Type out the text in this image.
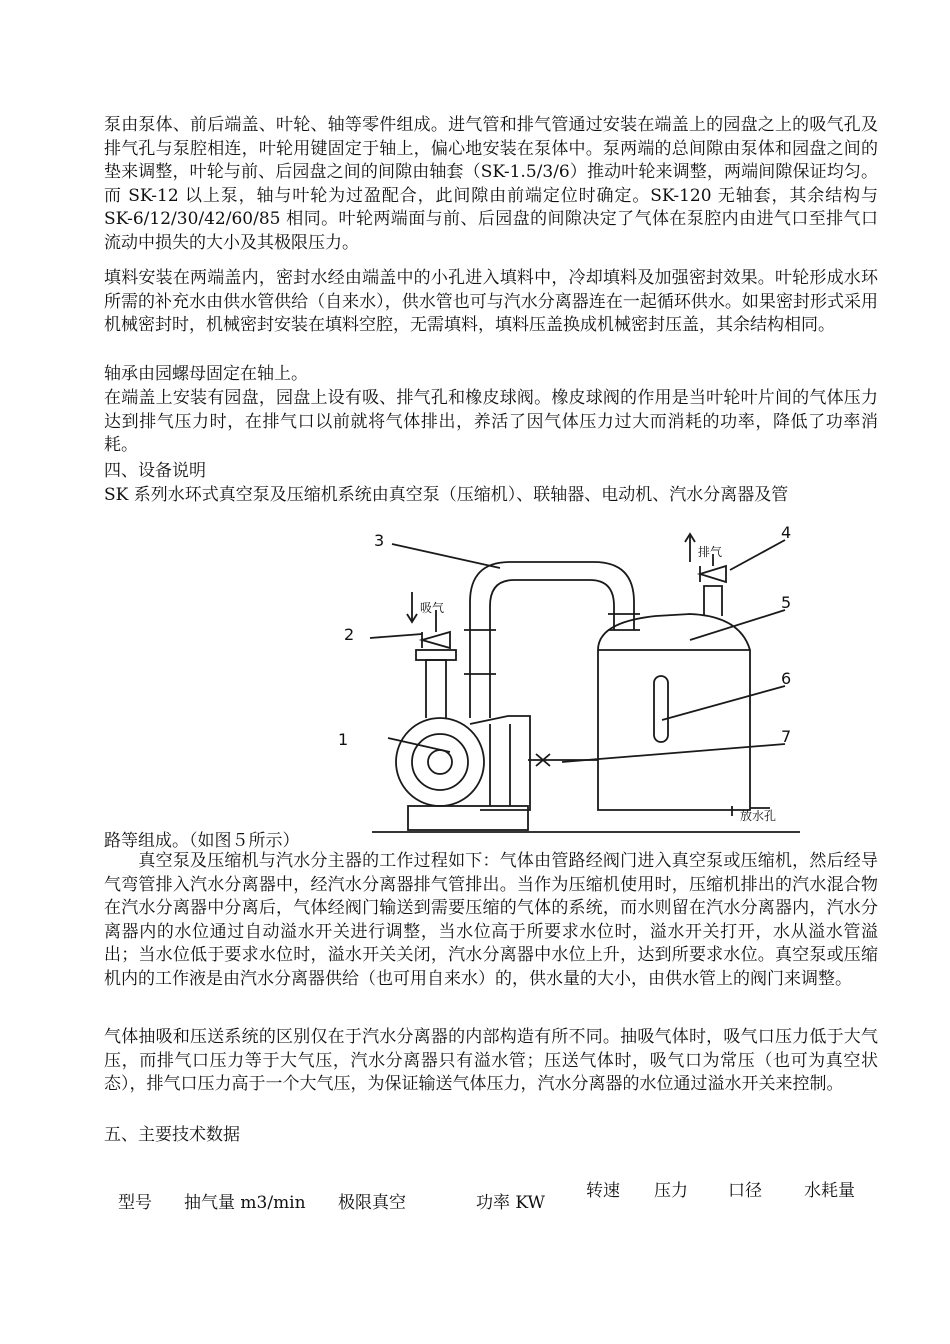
泵由泵体、前后端盖、叶轮、轴等零件组成。进气管和排气管通过安装在端盖上的园盘之上的吸气孔及排气孔与泵腔相连，叶轮用键固定于轴上，偏心地安装在泵体中。泵两端的总间隙由泵体和园盘之间的垫来调整，叶轮与前、后园盘之间的间隙由轴套（SK-1.5/3/6）推动叶轮来调整，两端间隙保证均匀。而 SK-12 以上泵，轴与叶轮为过盈配合，此间隙由前端定位时确定。SK-120 无轴套，其余结构与 SK-6/12/30/42/60/85 相同。叶轮两端面与前、后园盘的间隙决定了气体在泵腔内由进气口至排气口流动中损失的大小及其极限压力。

填料安装在两端盖内，密封水经由端盖中的小孔进入填料中，冷却填料及加强密封效果。叶轮形成水环所需的补充水由供水管供给（自来水），供水管也可与汽水分离器连在一起循环供水。如果密封形式采用机械密封时，机械密封安装在填料空腔，无需填料，填料压盖换成机械密封压盖，其余结构相同。

轴承由园螺母固定在轴上。

在端盖上安装有园盘，园盘上设有吸、排气孔和橡皮球阀。橡皮球阀的作用是当叶轮叶片间的气体压力达到排气压力时，在排气口以前就将气体排出，养活了因气体压力过大而消耗的功率，降低了功率消耗。

四、设备说明

SK 系列水环式真空泵及压缩机系统由真空泵（压缩机）、联轴器、电动机、汽水分离器及管

1
2
3	4
5
6
7
吸气
排气
放水孔
路等组成。（如图５所示）

　　真空泵及压缩机与汽水分主器的工作过程如下：气体由管路经阀门进入真空泵或压缩机，然后经导气弯管排入汽水分离器中，经汽水分离器排气管排出。当作为压缩机使用时，压缩机排出的汽水混合物在汽水分离器中分离后，气体经阀门输送到需要压缩的气体的系统，而水则留在汽水分离器内，汽水分离器内的水位通过自动溢水开关进行调整，当水位高于所要求水位时，溢水开关打开，水从溢水管溢出；当水位低于要求水位时，溢水开关关闭，汽水分离器中水位上升，达到所要求水位。真空泵或压缩机内的工作液是由汽水分离器供给（也可用自来水）的，供水量的大小，由供水管上的阀门来调整。

气体抽吸和压送系统的区别仅在于汽水分离器的内部构造有所不同。抽吸气体时，吸气口压力低于大气压，而排气口压力等于大气压，汽水分离器只有溢水管；压送气体时，吸气口为常压（也可为真空状态），排气口压力高于一个大气压，为保证输送气体压力，汽水分离器的水位通过溢水开关来控制。

五、主要技术数据

型号 抽气量 m3/min 极限真空	功率 KW
转速 压力 口径 水耗量
